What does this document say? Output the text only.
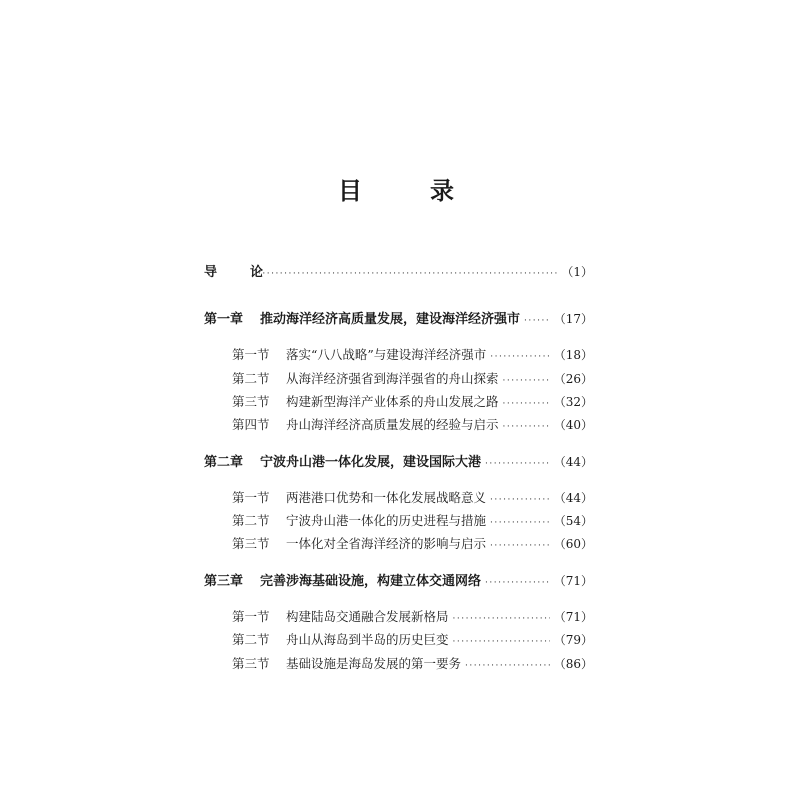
目　录
导　论 ·····	（1）
第一章	推动海洋经济高质量发展，建设海洋经济强市 ·····	（17）
第一节	落实“八八战略”与建设海洋经济强市 ·····	（18）
第二节	从海洋经济强省到海洋强省的舟山探索 ·····	（26）
第三节	构建新型海洋产业体系的舟山发展之路 ·····	（32）
第四节	舟山海洋经济高质量发展的经验与启示 ·····	（40）
第二章	宁波舟山港一体化发展，建设国际大港 ·····	（44）
第一节	两港港口优势和一体化发展战略意义 ·····	（44）
第二节	宁波舟山港一体化的历史进程与措施 ·····	（54）
第三节	一体化对全省海洋经济的影响与启示 ·····	（60）
第三章	完善涉海基础设施，构建立体交通网络 ·····	（71）
第一节	构建陆岛交通融合发展新格局 ·····	（71）
第二节	舟山从海岛到半岛的历史巨变 ·····	（79）
第三节	基础设施是海岛发展的第一要务 ·····	（86）
